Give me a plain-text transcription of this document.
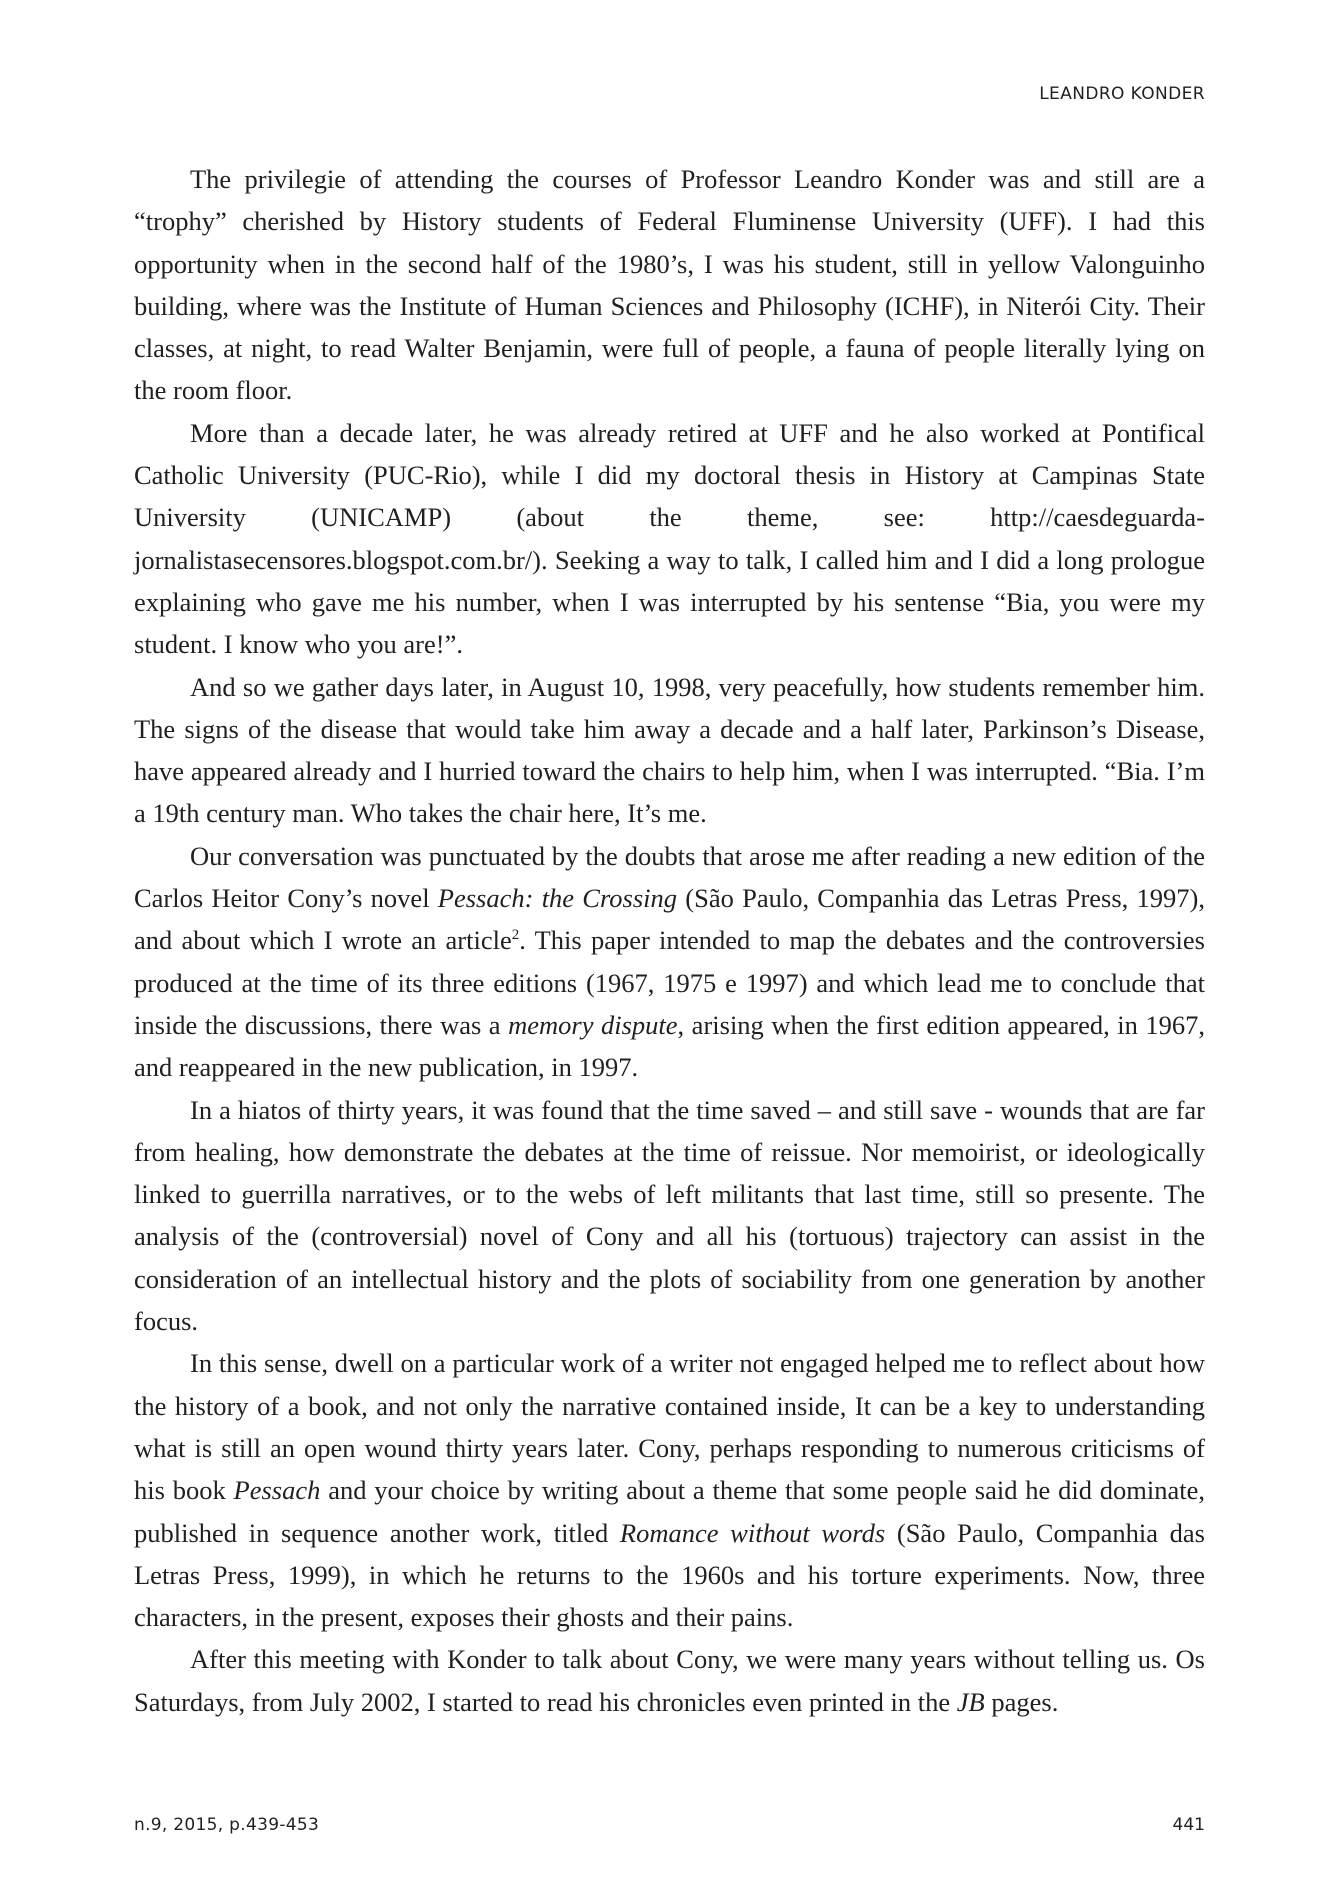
LEANDRO KONDER

The privilegie of attending the courses of Professor Leandro Konder was and still are a “trophy” cherished by History students of Federal Fluminense University (UFF). I had this opportunity when in the second half of the 1980’s, I was his student, still in yellow Valonguinho building, where was the Institute of Human Sciences and Philosophy (ICHF), in Niterói City. Their classes, at night, to read Walter Benjamin, were full of people, a fauna of people literally lying on the room floor.

More than a decade later, he was already retired at UFF and he also worked at Pontifical Catholic University (PUC-Rio), while I did my doctoral thesis in History at Campinas State University (UNICAMP) (about the theme, see: http://caesdeguarda-jornalistasecensores.blogspot.com.br/). Seeking a way to talk, I called him and I did a long prologue explaining who gave me his number, when I was interrupted by his sentense “Bia, you were my student. I know who you are!”.

And so we gather days later, in August 10, 1998, very peacefully, how students remember him. The signs of the disease that would take him away a decade and a half later, Parkinson’s Disease, have appeared already and I hurried toward the chairs to help him, when I was interrupted. “Bia. I’m a 19th century man. Who takes the chair here, It’s me.

Our conversation was punctuated by the doubts that arose me after reading a new edition of the Carlos Heitor Cony’s novel Pessach: the Crossing (São Paulo, Companhia das Letras Press, 1997), and about which I wrote an article$^2$. This paper intended to map the debates and the controversies produced at the time of its three editions (1967, 1975 e 1997) and which lead me to conclude that inside the discussions, there was a memory dispute, arising when the first edition appeared, in 1967, and reappeared in the new publication, in 1997.

In a hiatos of thirty years, it was found that the time saved – and still save - wounds that are far from healing, how demonstrate the debates at the time of reissue. Nor memoirist, or ideologically linked to guerrilla narratives, or to the webs of left militants that last time, still so presente. The analysis of the (controversial) novel of Cony and all his (tortuous) trajectory can assist in the consideration of an intellectual history and the plots of sociability from one generation by another focus.

In this sense, dwell on a particular work of a writer not engaged helped me to reflect about how the history of a book, and not only the narrative contained inside, It can be a key to understanding what is still an open wound thirty years later. Cony, perhaps responding to numerous criticisms of his book Pessach and your choice by writing about a theme that some people said he did dominate, published in sequence another work, titled Romance without words (São Paulo, Companhia das Letras Press, 1999), in which he returns to the 1960s and his torture experiments. Now, three characters, in the present, exposes their ghosts and their pains.

After this meeting with Konder to talk about Cony, we were many years without telling us. Os Saturdays, from July 2002, I started to read his chronicles even printed in the JB pages.

n.9, 2015, p.439-453	441
